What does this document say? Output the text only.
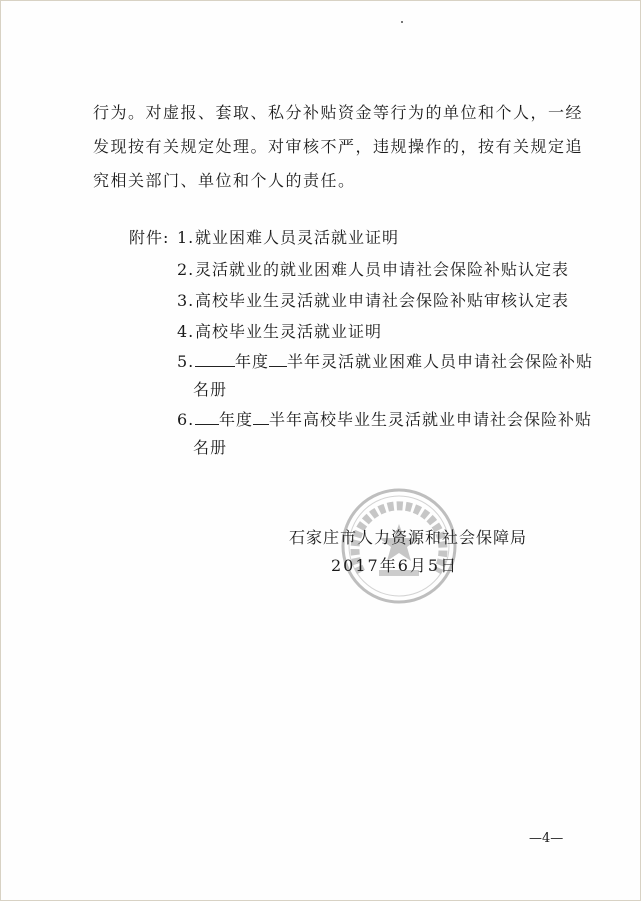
行为。对虚报、套取、私分补贴资金等行为的单位和个人，一经
发现按有关规定处理。对审核不严，违规操作的，按有关规定追
究相关部门、单位和个人的责任。
附件: 1.就业困难人员灵活就业证明
2.灵活就业的就业困难人员申请社会保险补贴认定表
3.高校毕业生灵活就业申请社会保险补贴审核认定表
4.高校毕业生灵活就业证明
5.	年度 半年灵活就业困难人员申请社会保险补贴
名册
6. 年度 半年高校毕业生灵活就业申请社会保险补贴
名册
石家庄市人力资源和社会保障局
2017年6月5日
—4—
